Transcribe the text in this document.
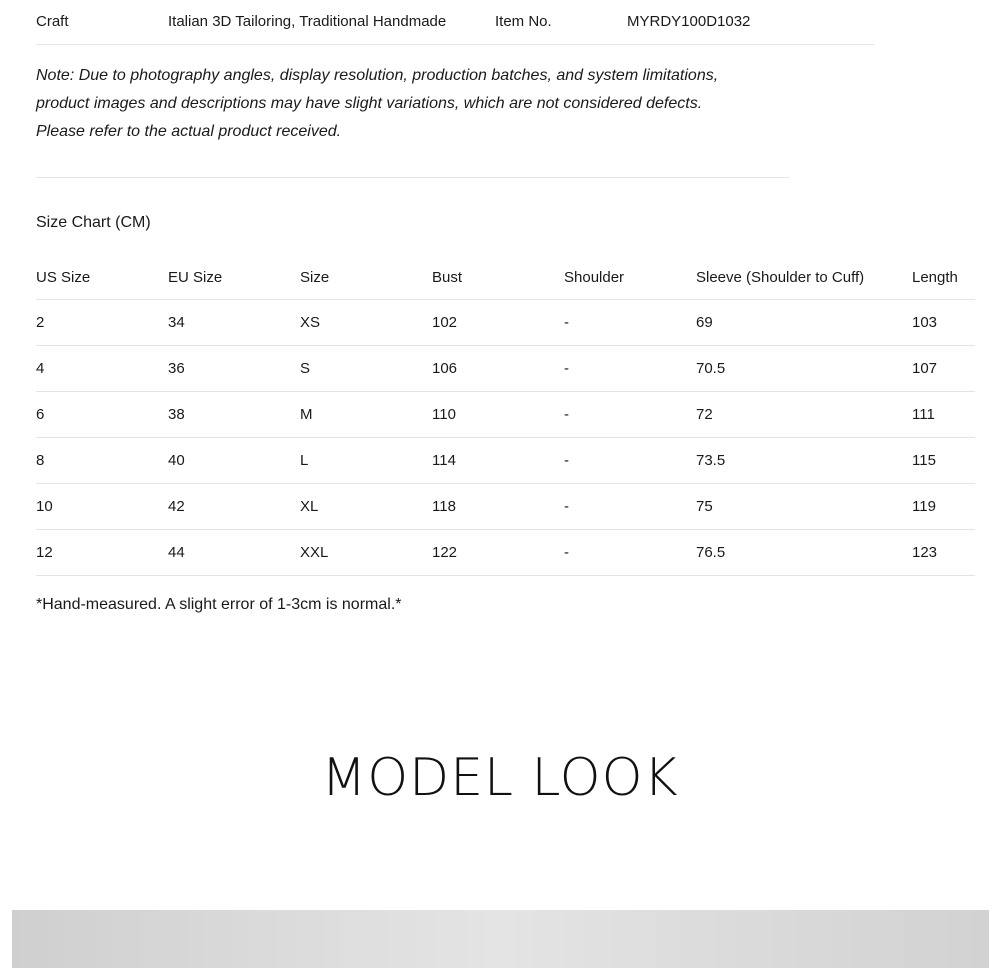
Craft	Italian 3D Tailoring, Traditional Handmade	Item No.	MYRDY100D1032
Note: Due to photography angles, display resolution, production batches, and system limitations,
product images and descriptions may have slight variations, which are not considered defects.
Please refer to the actual product received.
Size Chart (CM)
US Size	EU Size	Size	Bust	Shoulder	Sleeve (Shoulder to Cuff)	Length
2	34	XS	102	-	69	103
4	36	S	106	-	70.5	107
6	38	M	110	-	72	111
8	40	L	114	-	73.5	115
10	42	XL	118	-	75	119
12	44	XXL	122	-	76.5	123
*Hand-measured. A slight error of 1-3cm is normal.*
MODEL LOOK
